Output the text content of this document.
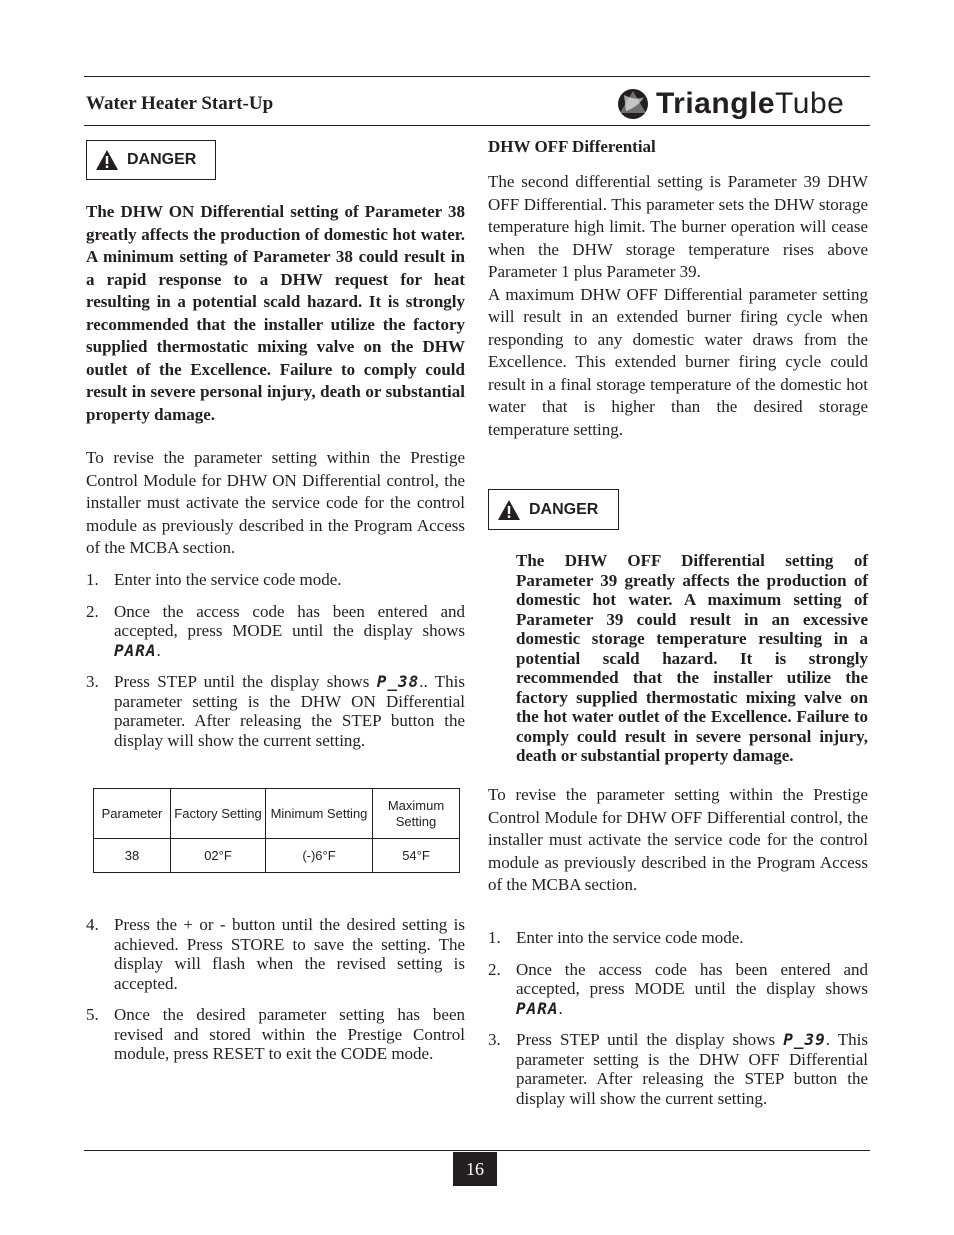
Water Heater Start-Up	TriangleTube
DANGER

The DHW ON Differential setting of Parameter 38 greatly affects the production of domestic hot water. A minimum setting of Parameter 38 could result in a rapid response to a DHW request for heat resulting in a potential scald hazard. It is strongly recommended that the installer utilize the factory supplied thermostatic mixing valve on the DHW outlet of the Excellence. Failure to comply could result in severe personal injury, death or substantial property damage.

To revise the parameter setting within the Prestige Control Module for DHW ON Differential control, the installer must activate the service code for the control module as previously described in the Program Access of the MCBA section.

1. Enter into the service code mode.
2. Once the access code has been entered and accepted, press MODE until the display shows PARA.
3. Press STEP until the display shows P_38.. This parameter setting is the DHW ON Differential parameter. After releasing the STEP button the display will show the current setting.
Parameter	Factory Setting	Minimum Setting	Maximum Setting
38	02°F	(-)6°F	54°F
4. Press the + or - button until the desired setting is achieved. Press STORE to save the setting. The display will flash when the revised setting is accepted.
5. Once the desired parameter setting has been revised and stored within the Prestige Control module, press RESET to exit the CODE mode.
DHW OFF Differential

The second differential setting is Parameter 39 DHW OFF Differential. This parameter sets the DHW storage temperature high limit. The burner operation will cease when the DHW storage temperature rises above Parameter 1 plus Parameter 39.

A maximum DHW OFF Differential parameter setting will result in an extended burner firing cycle when responding to any domestic water draws from the Excellence. This extended burner firing cycle could result in a final storage temperature of the domestic hot water that is higher than the desired storage temperature setting.

DANGER

The DHW OFF Differential setting of Parameter 39 greatly affects the production of domestic hot water. A maximum setting of Parameter 39 could result in an excessive domestic storage temperature resulting in a potential scald hazard. It is strongly recommended that the installer utilize the factory supplied thermostatic mixing valve on the hot water outlet of the Excellence. Failure to comply could result in severe personal injury, death or substantial property damage.

To revise the parameter setting within the Prestige Control Module for DHW OFF Differential control, the installer must activate the service code for the control module as previously described in the Program Access of the MCBA section.

1. Enter into the service code mode.
2. Once the access code has been entered and accepted, press MODE until the display shows PARA.
3. Press STEP until the display shows P_39. This parameter setting is the DHW OFF Differential parameter. After releasing the STEP button the display will show the current setting.
16
